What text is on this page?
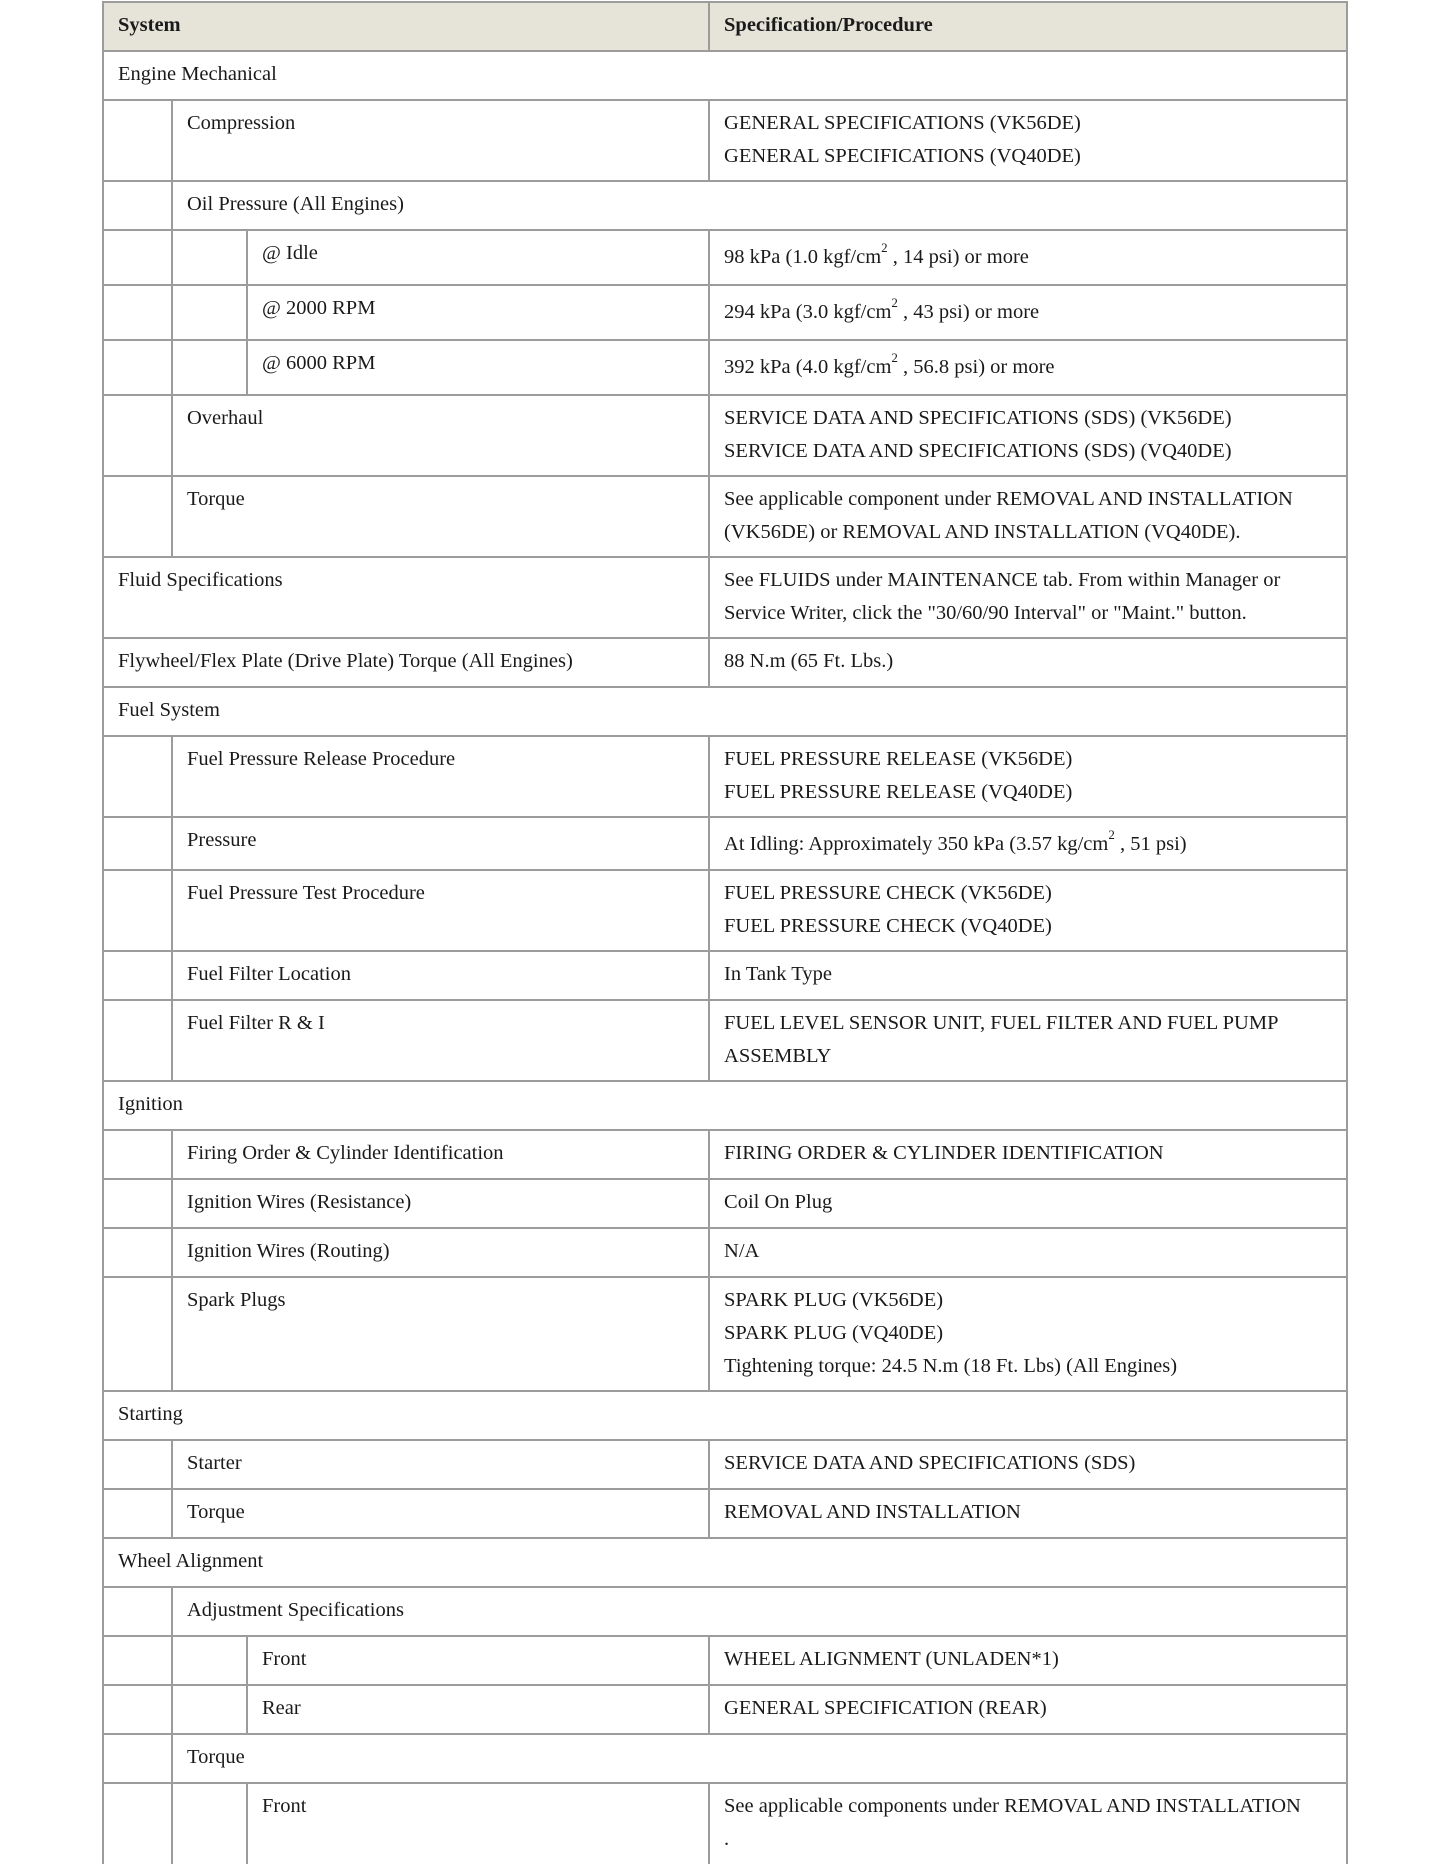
System			Specification/Procedure
Engine Mechanical			
	Compression		GENERAL SPECIFICATIONS (VK56DE)
GENERAL SPECIFICATIONS (VQ40DE)

	Oil Pressure (All Engines)		
		@ Idle	98 kPa (1.0 kgf/$cm^2$ , 14 psi) or more
		@ 2000 RPM	294 kPa (3.0 kgf/$cm^2$ , 43 psi) or more
		@ 6000 RPM	392 kPa (4.0 kgf/$cm^2$ , 56.8 psi) or more
	Overhaul		SERVICE DATA AND SPECIFICATIONS (SDS) (VK56DE)
SERVICE DATA AND SPECIFICATIONS (SDS) (VQ40DE)

	Torque		See applicable component under REMOVAL AND INSTALLATION (VK56DE) or REMOVAL AND INSTALLATION (VQ40DE).
Fluid Specifications			See FLUIDS under MAINTENANCE tab. From within Manager or Service Writer, click the "30/60/90 Interval" or "Maint." button.
Flywheel/Flex Plate (Drive Plate) Torque (All Engines)			88 N.m (65 Ft. Lbs.)
Fuel System			
	Fuel Pressure Release Procedure		FUEL PRESSURE RELEASE (VK56DE)
FUEL PRESSURE RELEASE (VQ40DE)

	Pressure		At Idling: Approximately 350 kPa (3.57 $kg/cm^2$ , 51 psi)
	Fuel Pressure Test Procedure		FUEL PRESSURE CHECK (VK56DE)
FUEL PRESSURE CHECK (VQ40DE)

	Fuel Filter Location		In Tank Type
	Fuel Filter R & I		FUEL LEVEL SENSOR UNIT, FUEL FILTER AND FUEL PUMP ASSEMBLY
Ignition			
	Firing Order & Cylinder Identification		FIRING ORDER & CYLINDER IDENTIFICATION
	Ignition Wires (Resistance)		Coil On Plug
	Ignition Wires (Routing)		N/A
	Spark Plugs		SPARK PLUG (VK56DE)
SPARK PLUG (VQ40DE)
Tightening torque: 24.5 N.m (18 Ft. Lbs) (All Engines)

Starting			
	Starter		SERVICE DATA AND SPECIFICATIONS (SDS)
	Torque		REMOVAL AND INSTALLATION
Wheel Alignment			
	Adjustment Specifications		
		Front	WHEEL ALIGNMENT (UNLADEN*1)
		Rear	GENERAL SPECIFICATION (REAR)
	Torque		
		Front	See applicable components under REMOVAL AND INSTALLATION
.
